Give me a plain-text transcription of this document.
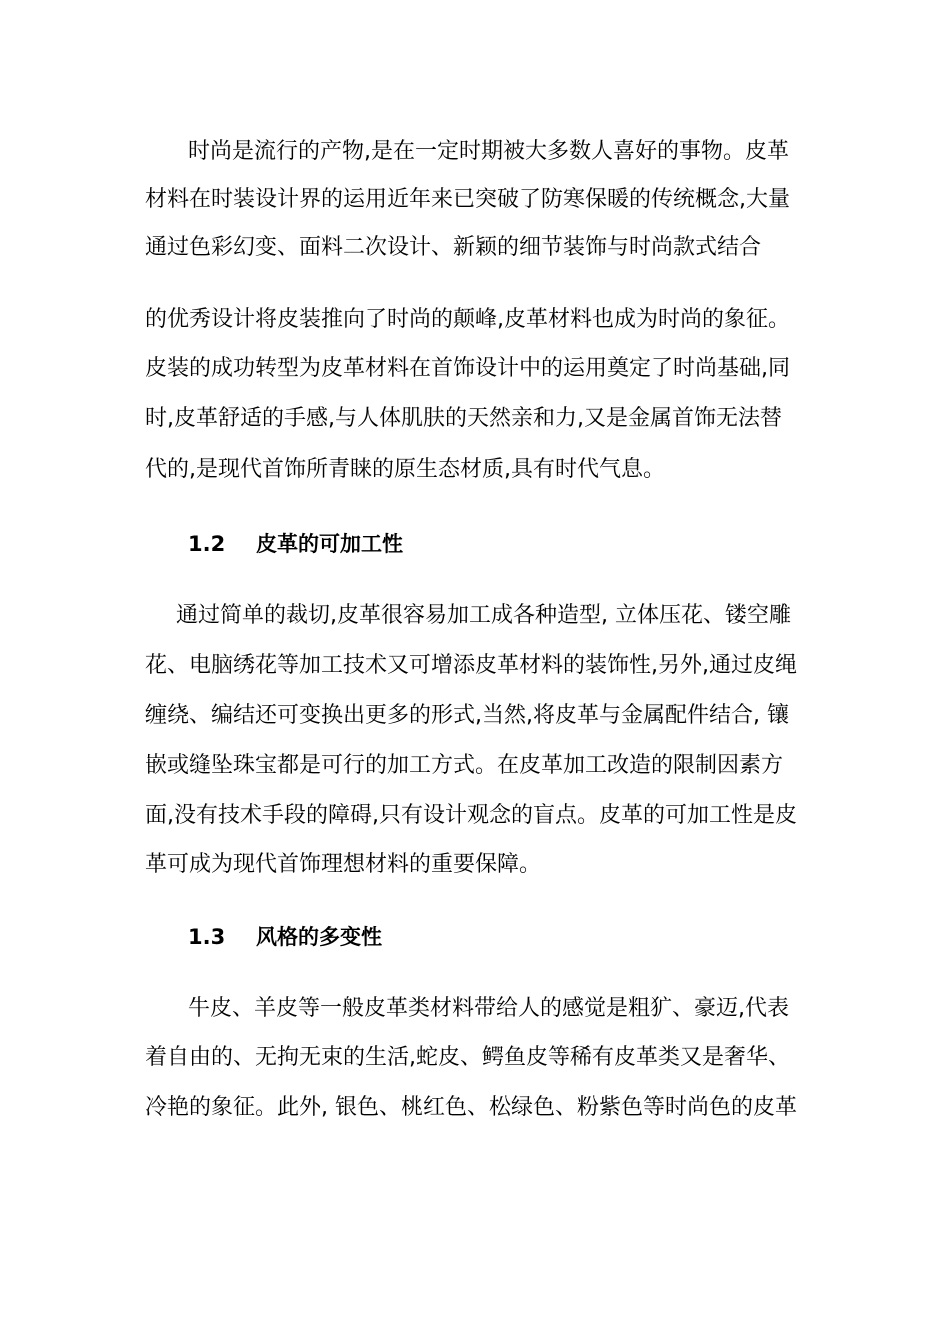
时尚是流行的产物,是在一定时期被大多数人喜好的事物。皮革
材料在时装设计界的运用近年来已突破了防寒保暖的传统概念,大量
通过色彩幻变、面料二次设计、新颖的细节装饰与时尚款式结合
的优秀设计将皮装推向了时尚的颠峰,皮革材料也成为时尚的象征。
皮装的成功转型为皮革材料在首饰设计中的运用奠定了时尚基础,同
时,皮革舒适的手感,与人体肌肤的天然亲和力,又是金属首饰无法替
代的,是现代首饰所青睐的原生态材质,具有时代气息。
1.2 皮革的可加工性
通过简单的裁切,皮革很容易加工成各种造型, 立体压花、镂空雕
花、电脑绣花等加工技术又可增添皮革材料的装饰性,另外,通过皮绳
缠绕、编结还可变换出更多的形式,当然,将皮革与金属配件结合, 镶
嵌或缝坠珠宝都是可行的加工方式。在皮革加工改造的限制因素方
面,没有技术手段的障碍,只有设计观念的盲点。皮革的可加工性是皮
革可成为现代首饰理想材料的重要保障。
1.3 风格的多变性
牛皮、羊皮等一般皮革类材料带给人的感觉是粗犷、豪迈,代表
着自由的、无拘无束的生活,蛇皮、鳄鱼皮等稀有皮革类又是奢华、
冷艳的象征。此外, 银色、桃红色、松绿色、粉紫色等时尚色的皮革
